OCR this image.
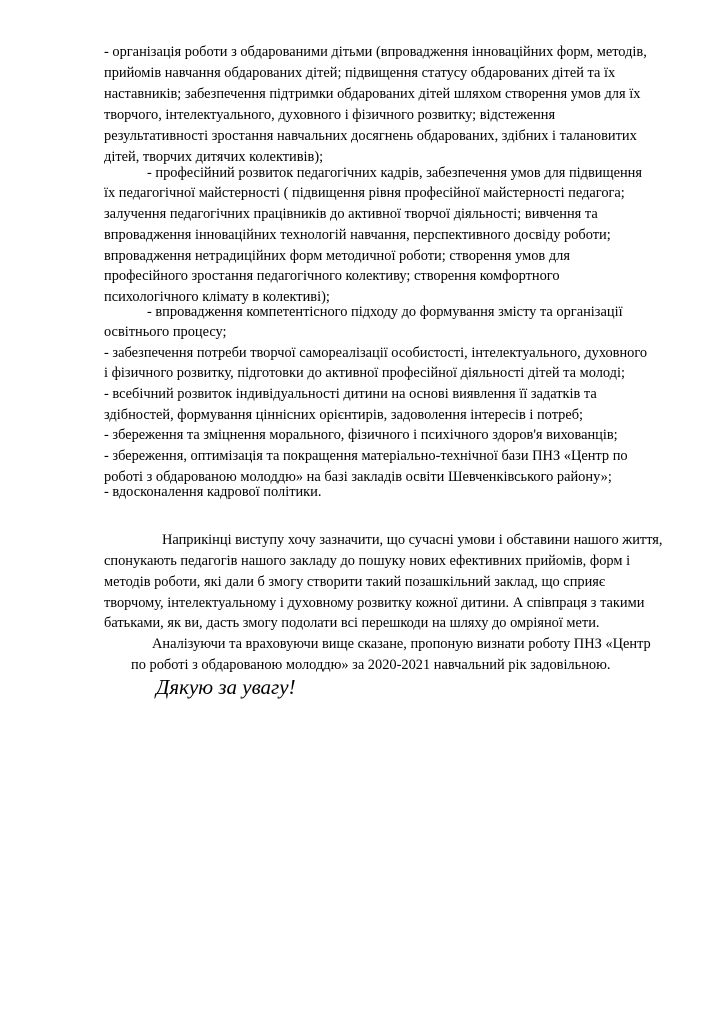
- організація роботи з обдарованими дітьми (впровадження інноваційних форм, методів,

прийомів навчання обдарованих дітей; підвищення статусу обдарованих дітей та їх

наставників; забезпечення підтримки обдарованих дітей шляхом створення умов для їх

творчого, інтелектуального, духовного і фізичного розвитку; відстеження

результативності зростання навчальних досягнень обдарованих, здібних і талановитих

дітей, творчих дитячих колективів);

- професійний розвиток педагогічних кадрів, забезпечення умов для підвищення

їх педагогічної майстерності ( підвищення рівня професійної майстерності педагога;

залучення педагогічних працівників до активної творчої діяльності; вивчення та

впровадження інноваційних технологій навчання, перспективного досвіду роботи;

впровадження нетрадиційних форм методичної роботи; створення умов для

професійного зростання педагогічного колективу; створення комфортного

психологічного клімату в колективі);

- впровадження компетентісного підходу до формування змісту та організації

освітнього процесу;

- забезпечення потреби творчої самореалізації особистості, інтелектуального, духовного

і фізичного розвитку, підготовки до активної професійної діяльності дітей та молоді;

- всебічний розвиток індивідуальності дитини на основі виявлення її задатків та

здібностей, формування ціннісних орієнтирів, задоволення інтересів і потреб;

- збереження та зміцнення морального, фізичного і психічного здоров'я вихованців;

- збереження, оптимізація та покращення матеріально-технічної бази ПНЗ «Центр по

роботі з обдарованою молоддю» на базі закладів освіти Шевченківського району»;

- вдосконалення кадрової політики.

Наприкінці виступу хочу зазначити, що сучасні умови і обставини нашого життя,

спонукають педагогів нашого закладу до пошуку нових ефективних прийомів, форм і

методів роботи, які дали б змогу створити такий позашкільний заклад, що сприяє

творчому, інтелектуальному і духовному розвитку кожної дитини. А співпраця з такими

батьками, як ви, дасть змогу подолати всі перешкоди на шляху до омріяної мети.

Аналізуючи та враховуючи вище сказане, пропоную визнати роботу ПНЗ «Центр

по роботі з обдарованою молоддю» за 2020-2021 навчальний рік задовільною.

Дякую за увагу!
